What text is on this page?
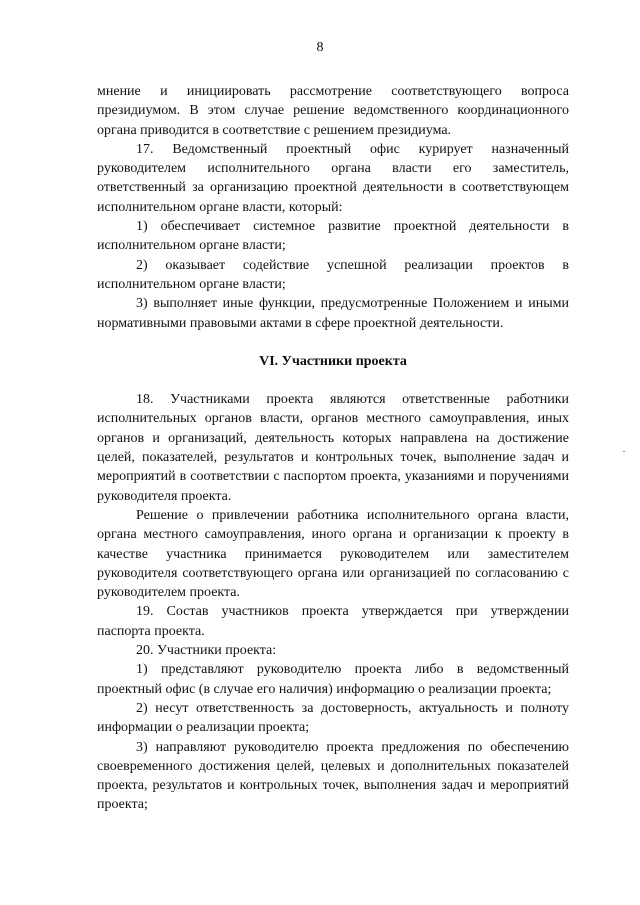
8

мнение и инициировать рассмотрение соответствующего вопроса президиумом. В этом случае решение ведомственного координационного органа приводится в соответствие с решением президиума.

17. Ведомственный проектный офис курирует назначенный руководителем исполнительного органа власти его заместитель, ответственный за организацию проектной деятельности в соответствующем исполнительном органе власти, который:

1) обеспечивает системное развитие проектной деятельности в исполнительном органе власти;

2) оказывает содействие успешной реализации проектов в исполнительном органе власти;

3) выполняет иные функции, предусмотренные Положением и иными нормативными правовыми актами в сфере проектной деятельности.

VI. Участники проекта

18. Участниками проекта являются ответственные работники исполнительных органов власти, органов местного самоуправления, иных органов и организаций, деятельность которых направлена на достижение целей, показателей, результатов и контрольных точек, выполнение задач и мероприятий в соответствии с паспортом проекта, указаниями и поручениями руководителя проекта.

Решение о привлечении работника исполнительного органа власти, органа местного самоуправления, иного органа и организации к проекту в качестве участника принимается руководителем или заместителем руководителя соответствующего органа или организацией по согласованию с руководителем проекта.

19. Состав участников проекта утверждается при утверждении паспорта проекта.

20. Участники проекта:

1) представляют руководителю проекта либо в ведомственный проектный офис (в случае его наличия) информацию о реализации проекта;

2) несут ответственность за достоверность, актуальность и полноту информации о реализации проекта;

3) направляют руководителю проекта предложения по обеспечению своевременного достижения целей, целевых и дополнительных показателей проекта, результатов и контрольных точек, выполнения задач и мероприятий проекта;
